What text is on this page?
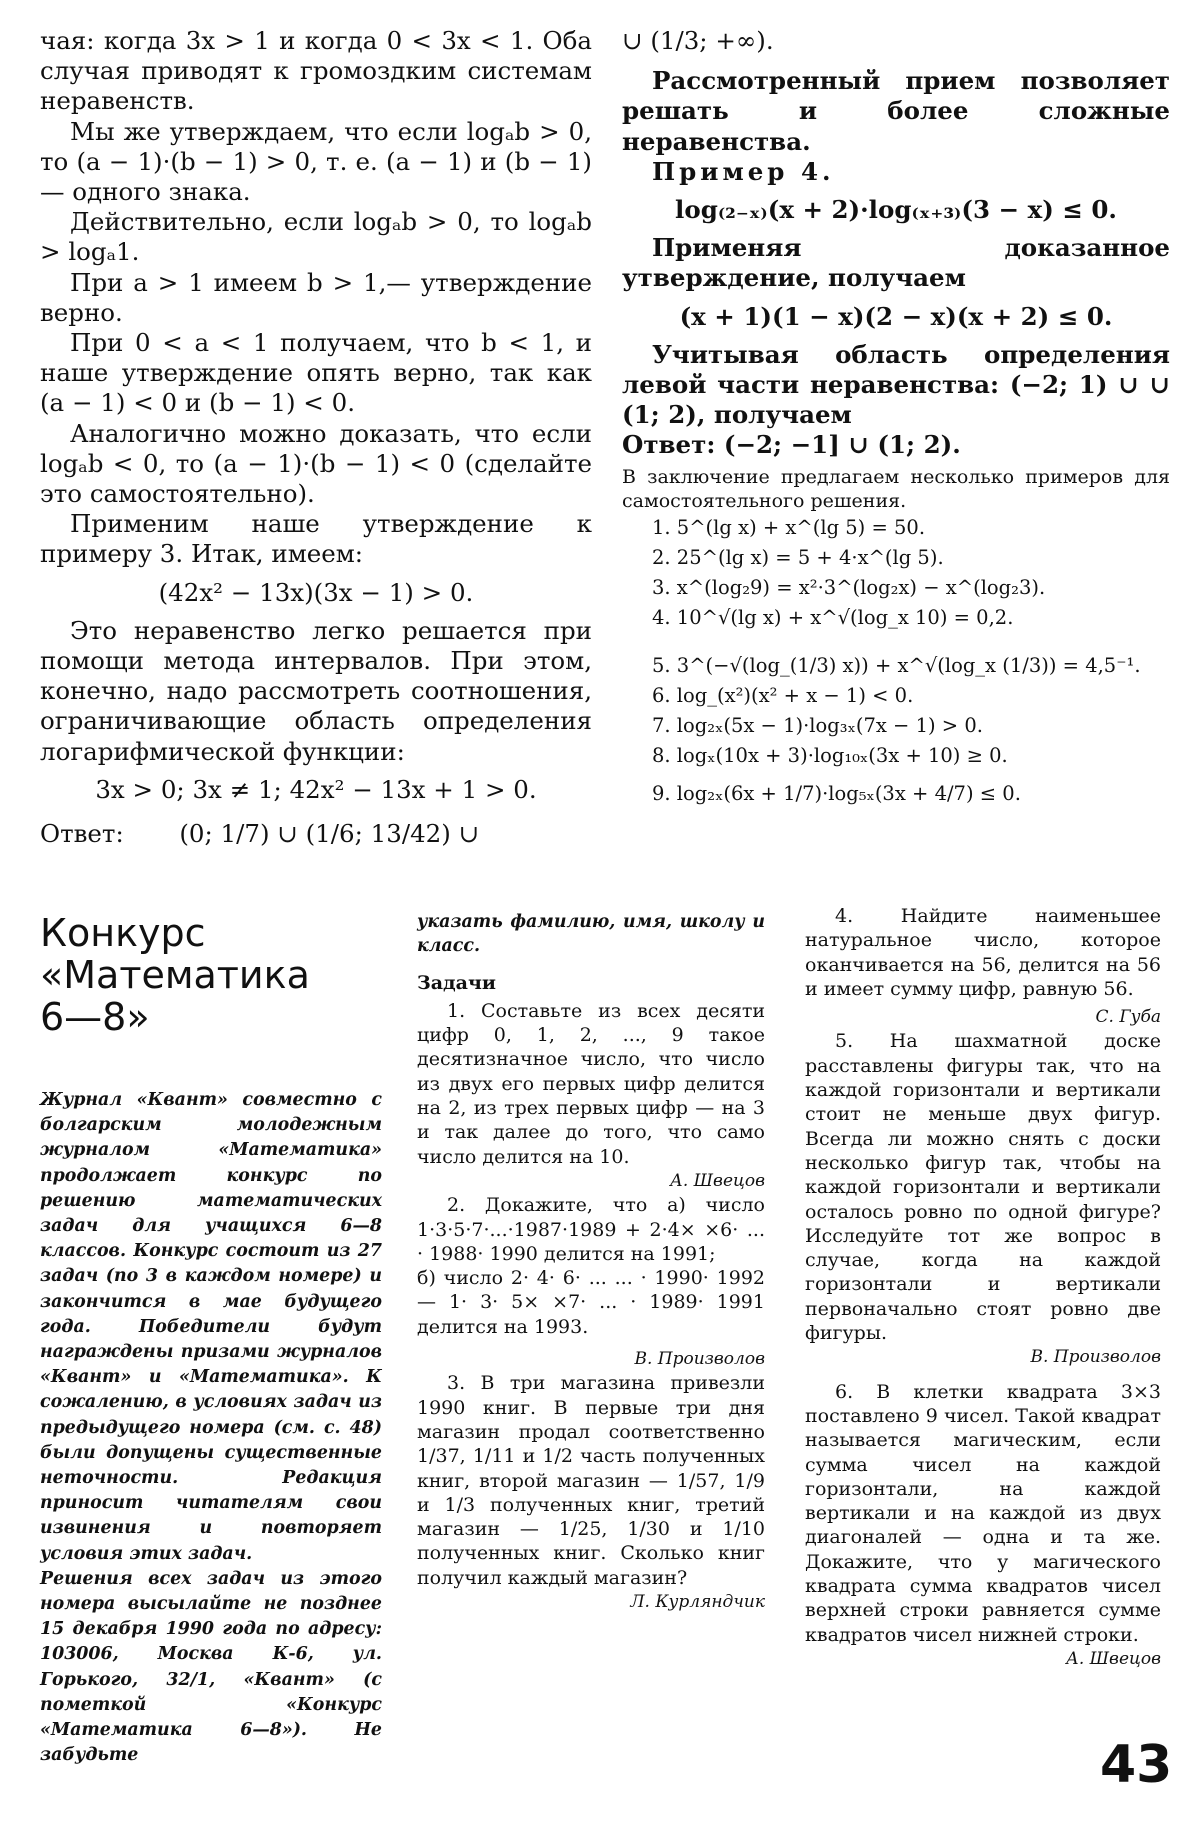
чая: когда 3x > 1 и когда 0 < 3x < 1. Оба случая приводят к громоздким системам неравенств.

Мы же утверждаем, что если logₐb > 0, то (a − 1)·(b − 1) > 0, т. е. (a − 1) и (b − 1) — одного знака.

Действительно, если logₐb > 0, то logₐb > logₐ1.

При a > 1 имеем b > 1,— утверждение верно.

При 0 < a < 1 получаем, что b < 1, и наше утверждение опять верно, так как (a − 1) < 0 и (b − 1) < 0.

Аналогично можно доказать, что если logₐb < 0, то (a − 1)·(b − 1) < 0 (сделайте это самостоятельно).

Применим наше утверждение к примеру 3. Итак, имеем:

(42x² − 13x)(3x − 1) > 0.

Это неравенство легко решается при помощи метода интервалов. При этом, конечно, надо рассмотреть соотношения, ограничивающие область определения логарифмической функции:

3x > 0; 3x ≠ 1; 42x² − 13x + 1 > 0.

Ответ: (0; 1/7) ∪ (1/6; 13/42) ∪

∪ (1/3; +∞).

Рассмотренный прием позволяет решать и более сложные неравенства.

Пример 4.

log₍₂₋ₓ₎(x + 2)·log₍ₓ₊₃₎(3 − x) ≤ 0.

Применяя доказанное утверждение, получаем

(x + 1)(1 − x)(2 − x)(x + 2) ≤ 0.

Учитывая область определения левой части неравенства: (−2; 1) ∪ ∪ (1; 2), получаем

Ответ: (−2; −1] ∪ (1; 2).

В заключение предлагаем несколько примеров для самостоятельного решения.

1. 5^(lg x) + x^(lg 5) = 50.

2. 25^(lg x) = 5 + 4·x^(lg 5).

3. x^(log₂9) = x²·3^(log₂x) − x^(log₂3).

4. 10^√(lg x) + x^√(log_x 10) = 0,2.

5. 3^(−√(log_(1/3) x)) + x^√(log_x (1/3)) = 4,5⁻¹.

6. log_(x²)(x² + x − 1) < 0.

7. log₂ₓ(5x − 1)·log₃ₓ(7x − 1) > 0.

8. logₓ(10x + 3)·log₁₀ₓ(3x + 10) ≥ 0.

9. log₂ₓ(6x + 1/7)·log₅ₓ(3x + 4/7) ≤ 0.

Конкурс
«Математика
6—8»

Журнал «Квант» совместно с болгарским молодежным журналом «Математика» продолжает конкурс по решению математических задач для учащихся 6—8 классов. Конкурс состоит из 27 задач (по 3 в каждом номере) и закончится в мае будущего года. Победители будут награждены призами журналов «Квант» и «Математика». К сожалению, в условиях задач из предыдущего номера (см. с. 48) были допущены существенные неточности. Редакция приносит читателям свои извинения и повторяет условия этих задач.

Решения всех задач из этого номера высылайте не позднее 15 декабря 1990 года по адресу: 103006, Москва К-6, ул. Горького, 32/1, «Квант» (с пометкой «Конкурс «Математика 6—8»). Не забудьте

указать фамилию, имя, школу и класс.

Задачи

1. Составьте из всех десяти цифр 0, 1, 2, ..., 9 такое десятизначное число, что число из двух его первых цифр делится на 2, из трех первых цифр — на 3 и так далее до того, что само число делится на 10.

А. Швецов

2. Докажите, что а) число 1·3·5·7·...·1987·1989 + 2·4× ×6· ... · 1988· 1990 делится на 1991;

б) число 2· 4· 6· ... ... · 1990· 1992 — 1· 3· 5× ×7· ... · 1989· 1991 делится на 1993.

В. Произволов

3. В три магазина привезли 1990 книг. В первые три дня магазин продал соответственно 1/37, 1/11 и 1/2 часть полученных книг, второй магазин — 1/57, 1/9 и 1/3 полученных книг, третий магазин — 1/25, 1/30 и 1/10 полученных книг. Сколько книг получил каждый магазин?

Л. Курляндчик

4. Найдите наименьшее натуральное число, которое оканчивается на 56, делится на 56 и имеет сумму цифр, равную 56.

С. Губа

5. На шахматной доске расставлены фигуры так, что на каждой горизонтали и вертикали стоит не меньше двух фигур. Всегда ли можно снять с доски несколько фигур так, чтобы на каждой горизонтали и вертикали осталось ровно по одной фигуре? Исследуйте тот же вопрос в случае, когда на каждой горизонтали и вертикали первоначально стоят ровно две фигуры.

В. Произволов

6. В клетки квадрата 3×3 поставлено 9 чисел. Такой квадрат называется магическим, если сумма чисел на каждой горизонтали, на каждой вертикали и на каждой из двух диагоналей — одна и та же. Докажите, что у магического квадрата сумма квадратов чисел верхней строки равняется сумме квадратов чисел нижней строки.

А. Швецов

43
